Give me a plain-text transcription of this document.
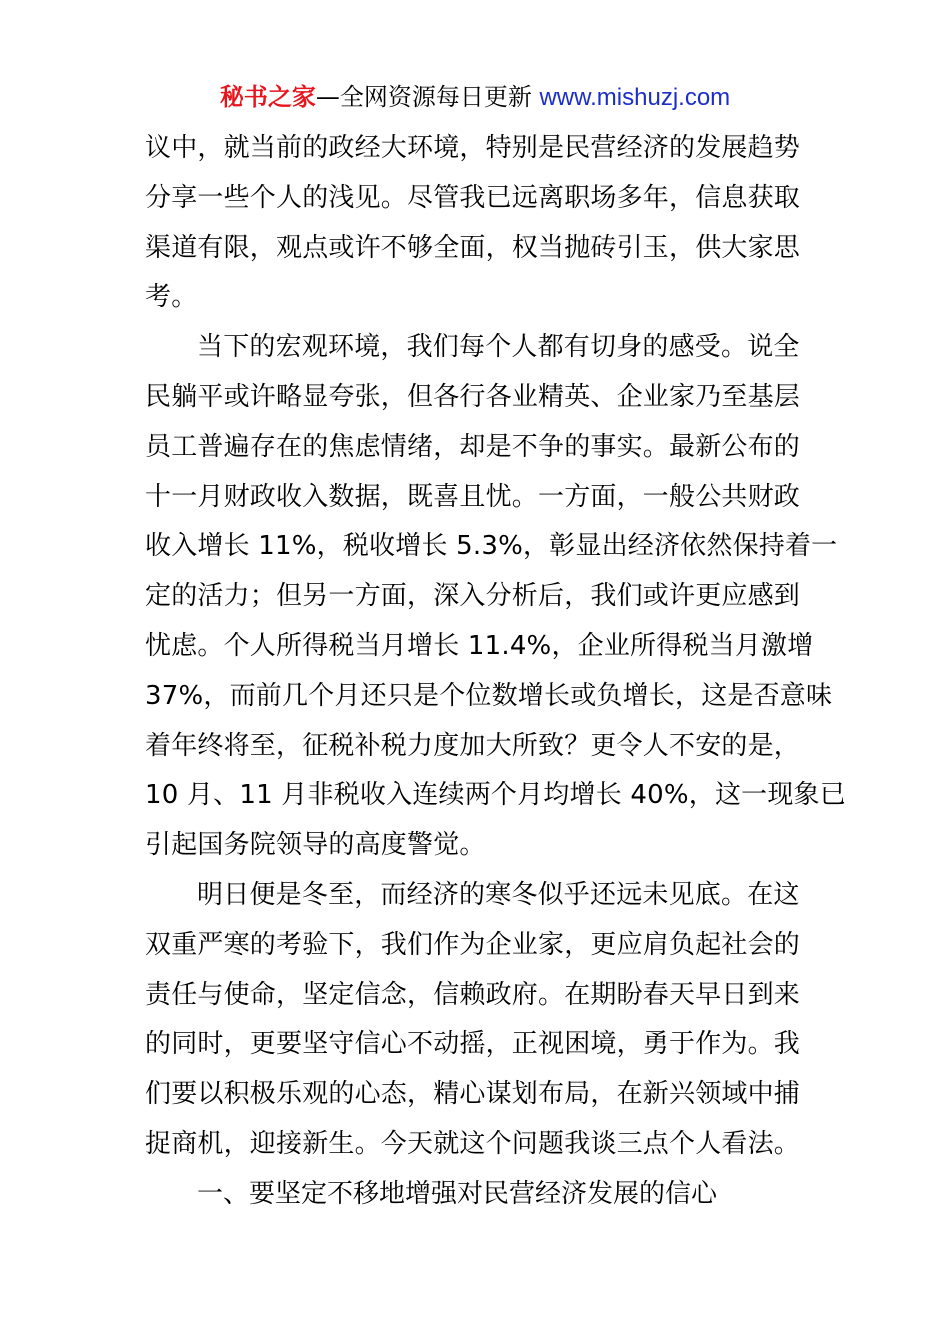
秘书之家—全网资源每日更新 www.mishuzj.com

议中，就当前的政经大环境，特别是民营经济的发展趋势
分享一些个人的浅见。尽管我已远离职场多年，信息获取
渠道有限，观点或许不够全面，权当抛砖引玉，供大家思
考。

当下的宏观环境，我们每个人都有切身的感受。说全
民躺平或许略显夸张，但各行各业精英、企业家乃至基层
员工普遍存在的焦虑情绪，却是不争的事实。最新公布的
十一月财政收入数据，既喜且忧。一方面，一般公共财政
收入增长 11%，税收增长 5.3%，彰显出经济依然保持着一
定的活力；但另一方面，深入分析后，我们或许更应感到
忧虑。个人所得税当月增长 11.4%，企业所得税当月激增
37%，而前几个月还只是个位数增长或负增长，这是否意味
着年终将至，征税补税力度加大所致？更令人不安的是，
10 月、11 月非税收入连续两个月均增长 40%，这一现象已
引起国务院领导的高度警觉。

明日便是冬至，而经济的寒冬似乎还远未见底。在这
双重严寒的考验下，我们作为企业家，更应肩负起社会的
责任与使命，坚定信念，信赖政府。在期盼春天早日到来
的同时，更要坚守信心不动摇，正视困境，勇于作为。我
们要以积极乐观的心态，精心谋划布局，在新兴领域中捕
捉商机，迎接新生。今天就这个问题我谈三点个人看法。

一、要坚定不移地增强对民营经济发展的信心
